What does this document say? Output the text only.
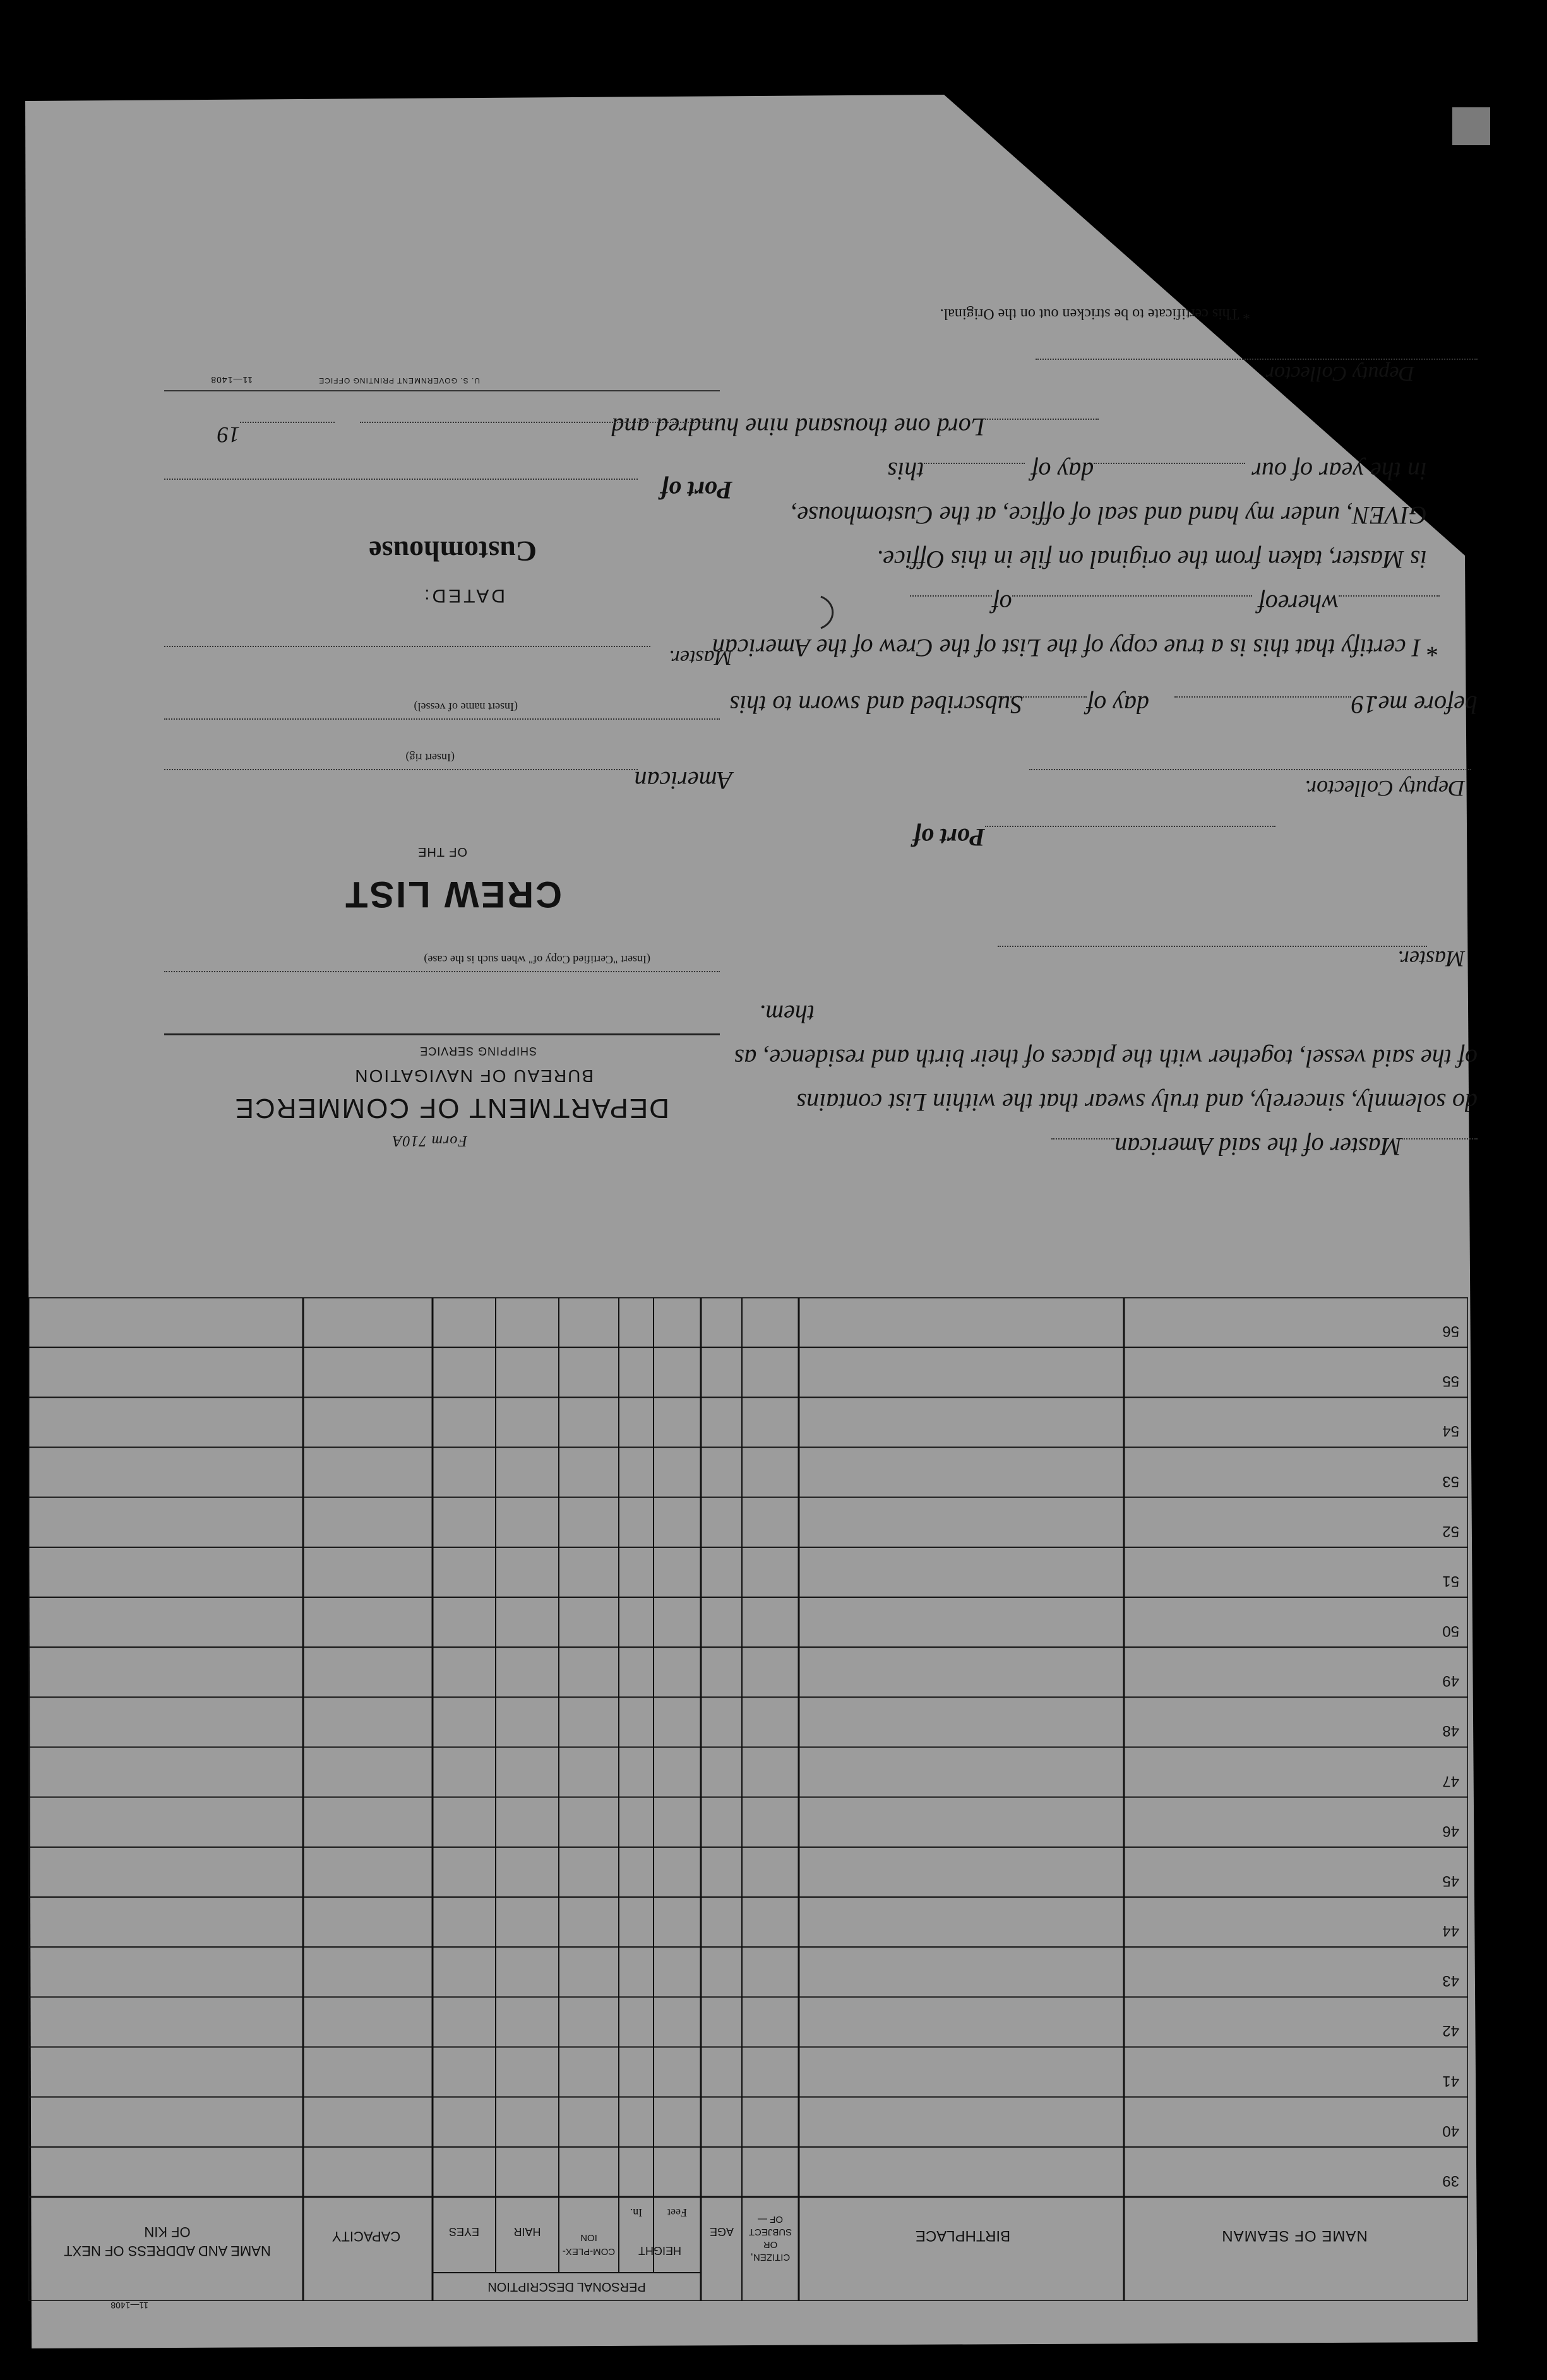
NAME OF SEAMAN
BIRTHPLACE
CITIZEN, OR SUBJECT OF —
AGE
PERSONAL DESCRIPTION
HEIGHT
Feet
In.
COM-PLEX-ION
HAIR
EYES
CAPACITY
NAME AND ADDRESS OF NEXT OF KIN
39
40
41
42
43
44
45
46
47
48
49
50
51
52
53
54
55
56
11—1408
Master of the said American
do solemnly, sincerely, and truly swear that the within List contains
of the said vessel, together with the places of their birth and residence, as
them.
Master.
Port of
Deputy Collector.
before me.
19
day of
Subscribed and sworn to this
* I certify that this is a true copy of the List of the Crew of the American
whereof of
is Master, taken from the original on file in this Office.
GIVEN, under my hand and seal of office, at the Customhouse,
in the year of our day of this
Lord one thousand nine hundred and
Deputy Collector
* This certificate to be stricken out on the Original.
Form 710A
DEPARTMENT OF COMMERCE
BUREAU OF NAVIGATION
SHIPPING SERVICE
(Insert "Certified Copy of" when such is the case)
CREW LIST
OF THE
American
(Insert rig)
(Insert name of vessel)
Master.
DATED:
Customhouse
Port of
19
U. S. GOVERNMENT PRINTING OFFICE
11—1408
